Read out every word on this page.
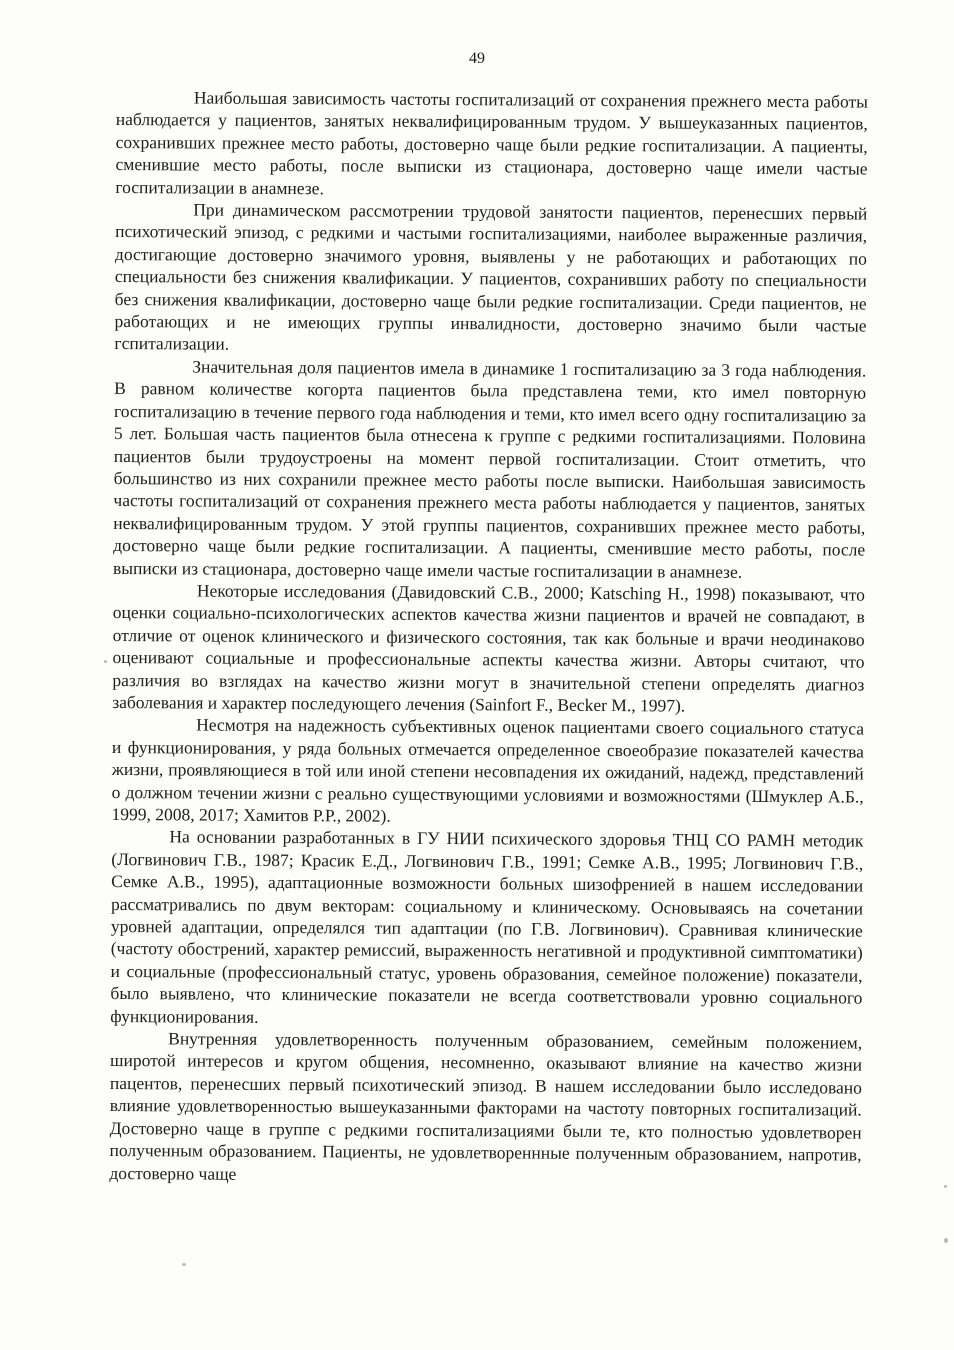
49

Наибольшая зависимость частоты госпитализаций от сохранения прежнего места работы наблюдается у пациентов, занятых неквалифицированным трудом. У вышеуказанных пациентов, сохранивших прежнее место работы, достоверно чаще были редкие госпитализации. А пациенты, сменившие место работы, после выписки из стационара, достоверно чаще имели частые госпитализации в анамнезе.

При динамическом рассмотрении трудовой занятости пациентов, перенесших первый психотический эпизод, с редкими и частыми госпитализациями, наиболее выраженные различия, достигающие достоверно значимого уровня, выявлены у не работающих и работающих по специальности без снижения квалификации. У пациентов, сохранивших работу по специальности без снижения квалификации, достоверно чаще были редкие госпитализации. Среди пациентов, не работающих и не имеющих группы инвалидности, достоверно значимо были частые гспитализации.

Значительная доля пациентов имела в динамике 1 госпитализацию за 3 года наблюдения. В равном количестве когорта пациентов была представлена теми, кто имел повторную госпитализацию в течение первого года наблюдения и теми, кто имел всего одну госпитализацию за 5 лет. Большая часть пациентов была отнесена к группе с редкими госпитализациями. Половина пациентов были трудоустроены на момент первой госпитализации. Стоит отметить, что большинство из них сохранили прежнее место работы после выписки. Наибольшая зависимость частоты госпитализаций от сохранения прежнего места работы наблюдается у пациентов, занятых неквалифицированным трудом. У этой группы пациентов, сохранивших прежнее место работы, достоверно чаще были редкие госпитализации. А пациенты, сменившие место работы, после выписки из стационара, достоверно чаще имели частые госпитализации в анамнезе.

Некоторые исследования (Давидовский С.В., 2000; Katsching H., 1998) показывают, что оценки социально-психологических аспектов качества жизни пациентов и врачей не совпадают, в отличие от оценок клинического и физического состояния, так как больные и врачи неодинаково оценивают социальные и профессиональные аспекты качества жизни. Авторы считают, что различия во взглядах на качество жизни могут в значительной степени определять диагноз заболевания и характер последующего лечения (Sainfort F., Becker M., 1997).

Несмотря на надежность субъективных оценок пациентами своего социального статуса и функционирования, у ряда больных отмечается определенное своеобразие показателей качества жизни, проявляющиеся в той или иной степени несовпадения их ожиданий, надежд, представлений о должном течении жизни с реально существующими условиями и возможностями (Шмуклер А.Б., 1999, 2008, 2017; Хамитов Р.Р., 2002).

На основании разработанных в ГУ НИИ психического здоровья ТНЦ СО РАМН методик (Логвинович Г.В., 1987; Красик Е.Д., Логвинович Г.В., 1991; Семке А.В., 1995; Логвинович Г.В., Семке А.В., 1995), адаптационные возможности больных шизофренией в нашем исследовании рассматривались по двум векторам: социальному и клиническому. Основываясь на сочетании уровней адаптации, определялся тип адаптации (по Г.В. Логвинович). Сравнивая клинические (частоту обострений, характер ремиссий, выраженность негативной и продуктивной симптоматики) и социальные (профессиональный статус, уровень образования, семейное положение) показатели, было выявлено, что клинические показатели не всегда соответствовали уровню социального функционирования.

Внутренняя удовлетворенность полученным образованием, семейным положением, широтой интересов и кругом общения, несомненно, оказывают влияние на качество жизни пацентов, перенесших первый психотический эпизод. В нашем исследовании было исследовано влияние удовлетворенностью вышеуказанными факторами на частоту повторных госпитализаций. Достоверно чаще в группе с редкими госпитализациями были те, кто полностью удовлетворен полученным образованием. Пациенты, не удовлетвореннные полученным образованием, напротив, достоверно чаще
